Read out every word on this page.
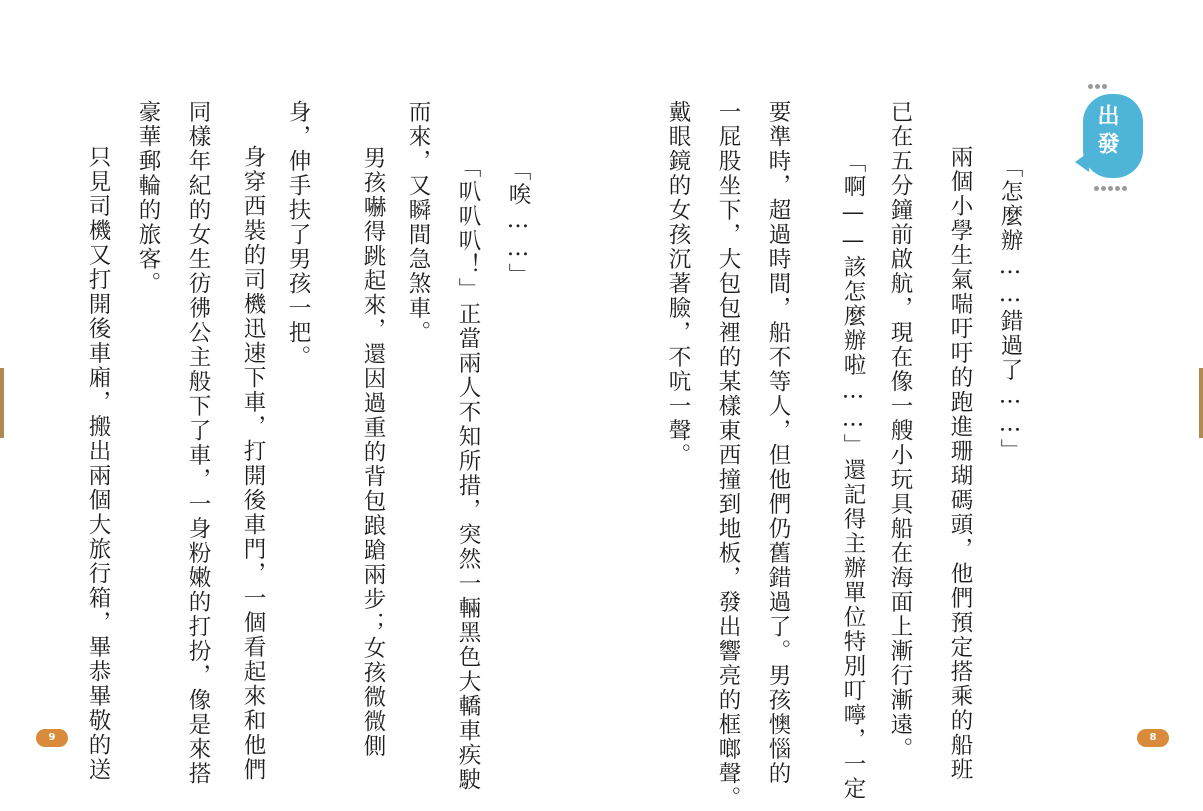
「唉……」
「叭叭叭！」正當兩人不知所措，突然一輛黑色大轎車疾駛
而來，又瞬間急煞車。
男孩嚇得跳起來，還因過重的背包踉蹌兩步；女孩微微側
身，伸手扶了男孩一把。
身穿西裝的司機迅速下車，打開後車門，一個看起來和他們
同樣年紀的女生彷彿公主般下了車，一身粉嫩的打扮，像是來搭
豪華郵輪的旅客。
只見司機又打開後車廂，搬出兩個大旅行箱，畢恭畢敬的送
9
出發
「怎麼辦……錯過了……」
兩個小學生氣喘吁吁的跑進珊瑚碼頭，他們預定搭乘的船班
已在五分鐘前啟航，現在像一艘小玩具船在海面上漸行漸遠。
「啊——該怎麼辦啦……」還記得主辦單位特別叮嚀，一定
要準時，超過時間，船不等人，但他們仍舊錯過了。男孩懊惱的
一屁股坐下，大包包裡的某樣東西撞到地板，發出響亮的框啷聲。
戴眼鏡的女孩沉著臉，不吭一聲。
8
